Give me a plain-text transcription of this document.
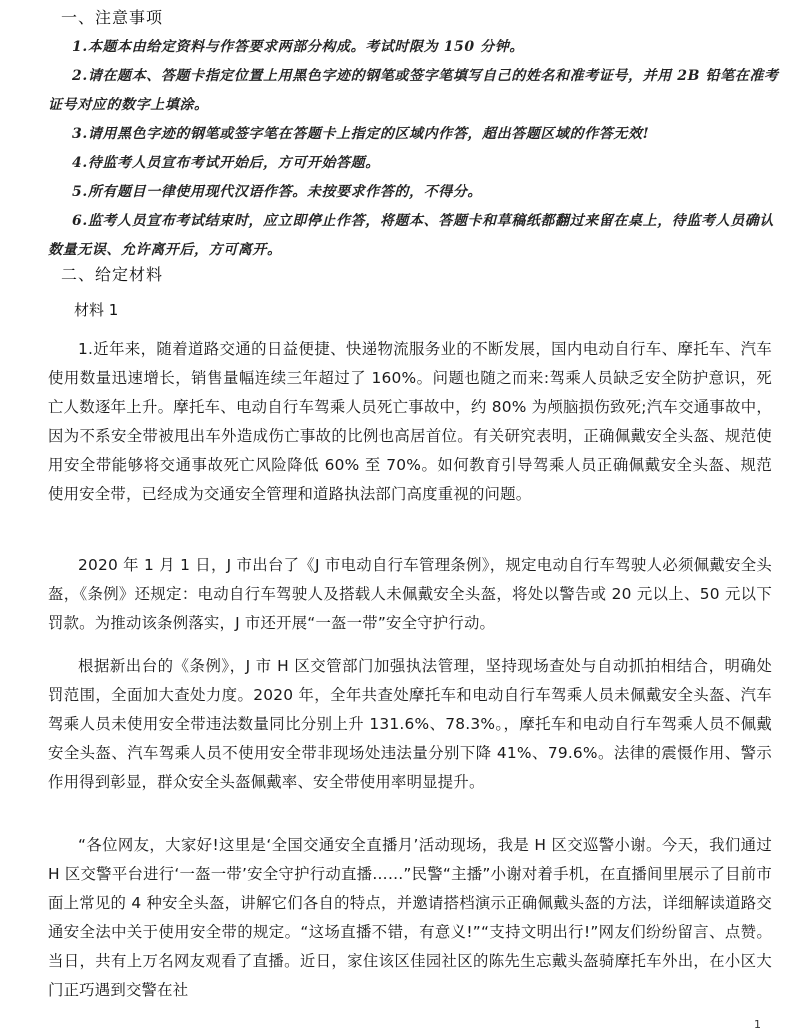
一、注意事项
1.本题本由给定资料与作答要求两部分构成。考试时限为 150 分钟。
2.请在题本、答题卡指定位置上用黑色字迹的钢笔或签字笔填写自己的姓名和准考证号，并用 2B 铅笔在准考证号对应的数字上填涂。
3.请用黑色字迹的钢笔或签字笔在答题卡上指定的区域内作答，超出答题区域的作答无效!
4.待监考人员宣布考试开始后，方可开始答题。
5.所有题目一律使用现代汉语作答。未按要求作答的，不得分。
6.监考人员宣布考试结束时，应立即停止作答，将题本、答题卡和草稿纸都翻过来留在桌上，待监考人员确认数量无误、允许离开后，方可离开。
二、给定材料
材料 1
1.近年来，随着道路交通的日益便捷、快递物流服务业的不断发展，国内电动自行车、摩托车、汽车使用数量迅速增长，销售量幅连续三年超过了 160%。问题也随之而来:驾乘人员缺乏安全防护意识，死亡人数逐年上升。摩托车、电动自行车驾乘人员死亡事故中，约 80% 为颅脑损伤致死;汽车交通事故中，因为不系安全带被甩出车外造成伤亡事故的比例也高居首位。有关研究表明，正确佩戴安全头盔、规范使用安全带能够将交通事故死亡风险降低 60% 至 70%。如何教育引导驾乘人员正确佩戴安全头盔、规范使用安全带，已经成为交通安全管理和道路执法部门高度重视的问题。
2020 年 1 月 1 日，J 市出台了《J 市电动自行车管理条例》，规定电动自行车驾驶人必须佩戴安全头盔，《条例》还规定：电动自行车驾驶人及搭载人未佩戴安全头盔，将处以警告或 20 元以上、50 元以下罚款。为推动该条例落实，J 市还开展“一盔一带”安全守护行动。
根据新出台的《条例》，J 市 H 区交管部门加强执法管理，坚持现场查处与自动抓拍相结合，明确处罚范围，全面加大查处力度。2020 年，全年共查处摩托车和电动自行车驾乘人员未佩戴安全头盔、汽车驾乘人员未使用安全带违法数量同比分别上升 131.6%、78.3%。，摩托车和电动自行车驾乘人员不佩戴安全头盔、汽车驾乘人员不使用安全带非现场处违法量分别下降 41%、79.6%。法律的震慑作用、警示作用得到彰显，群众安全头盔佩戴率、安全带使用率明显提升。
“各位网友，大家好!这里是‘全国交通安全直播月’活动现场，我是 H 区交巡警小谢。今天，我们通过 H 区交警平台进行‘一盔一带’安全守护行动直播……”民警“主播”小谢对着手机，在直播间里展示了目前市面上常见的 4 种安全头盔，讲解它们各自的特点，并邀请搭档演示正确佩戴头盔的方法，详细解读道路交通安全法中关于使用安全带的规定。“这场直播不错，有意义!”“支持文明出行!”网友们纷纷留言、点赞。当日，共有上万名网友观看了直播。近日，家住该区佳园社区的陈先生忘戴头盔骑摩托车外出，在小区大门正巧遇到交警在社
1
